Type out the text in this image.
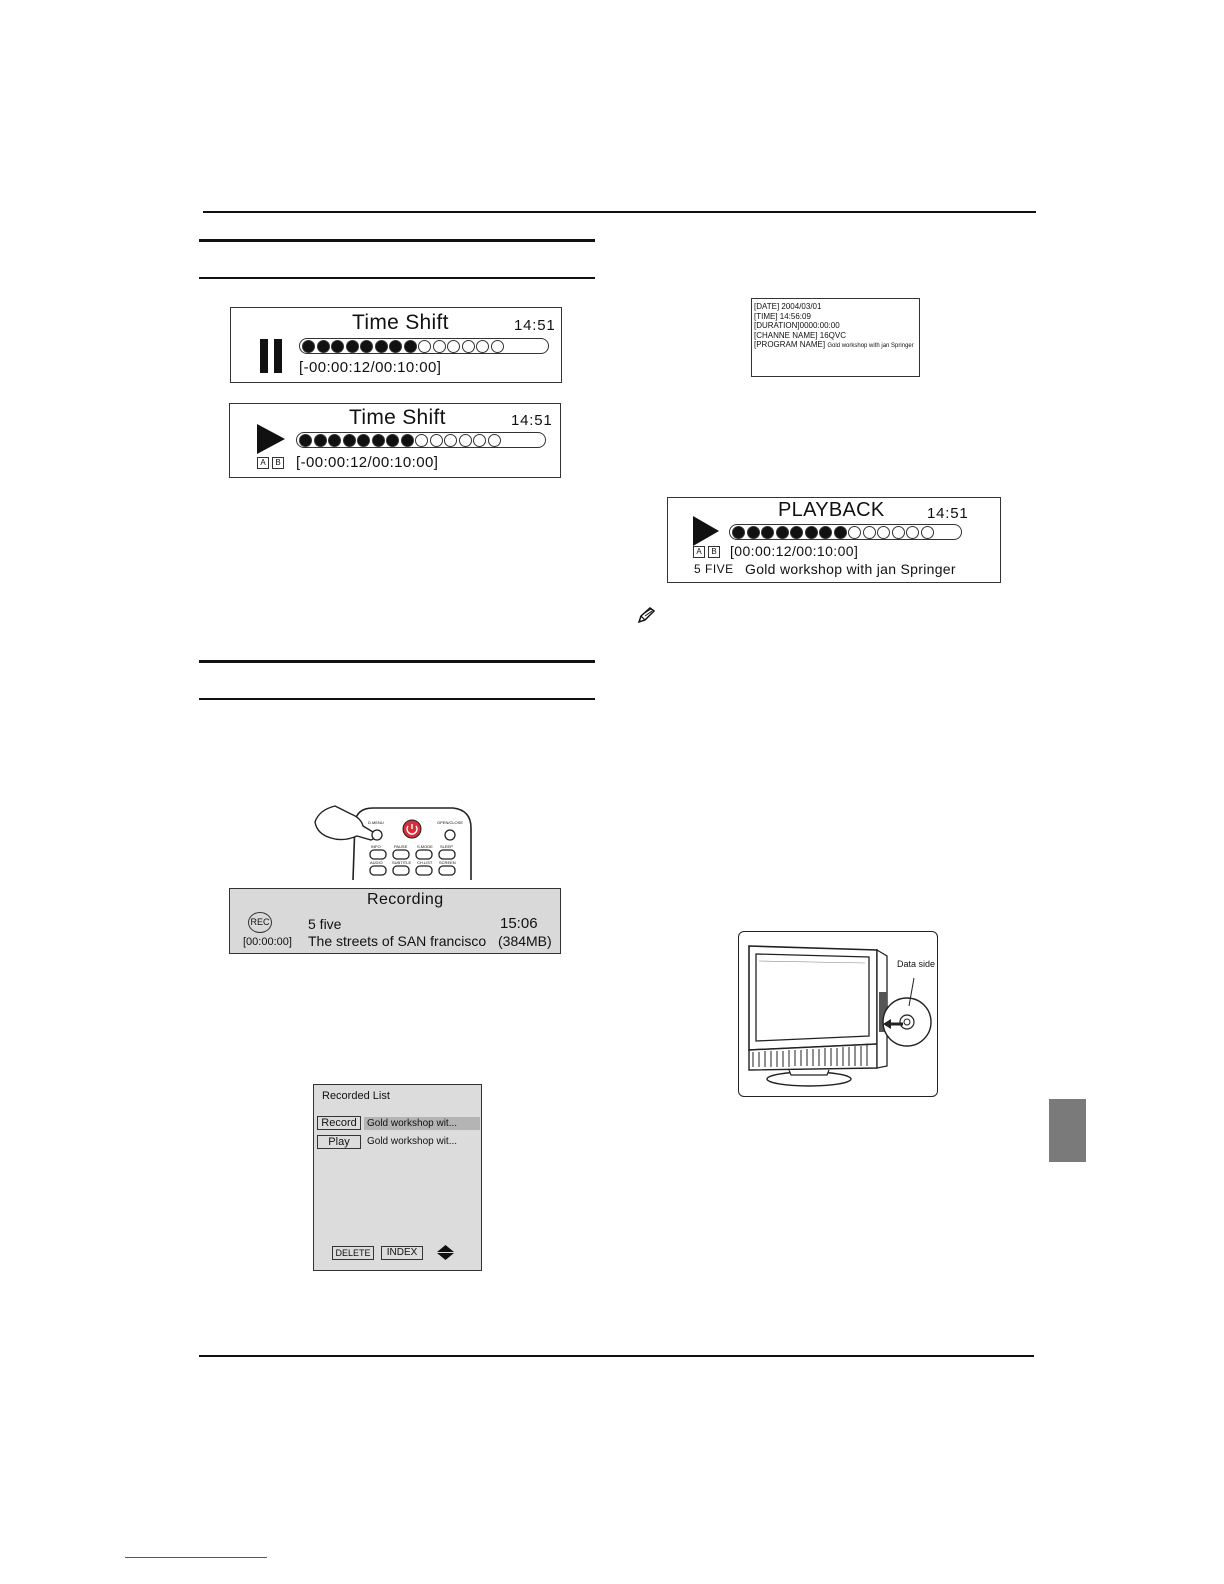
Time Shift	14:51
[-00:00:12/00:10:00]
Time Shift	14:51
A	B [-00:00:12/00:10:00]
[DATE] 2004/03/01
[TIME] 14:56:09
[DURATION]0000:00:00
[CHANNE NAME] 16QVC
[PROGRAM NAME] Gold workshop with jan Springer
PLAYBACK	14:51
A	B [00:00:12/00:10:00]
5 FIVE Gold workshop with jan Springer
D.MENU	OPEN/CLOSE
INFO	PAUSE S.MODE SLEEP
AUDIO SUBTITLE CH.LIST SCREEN
Recording
REC
[00:00:00]
5 five	15:06
The streets of SAN francisco (384MB)
Recorded List
Record	Gold workshop wit...
Play	Gold workshop wit...
DELETE	INDEX
Data side
